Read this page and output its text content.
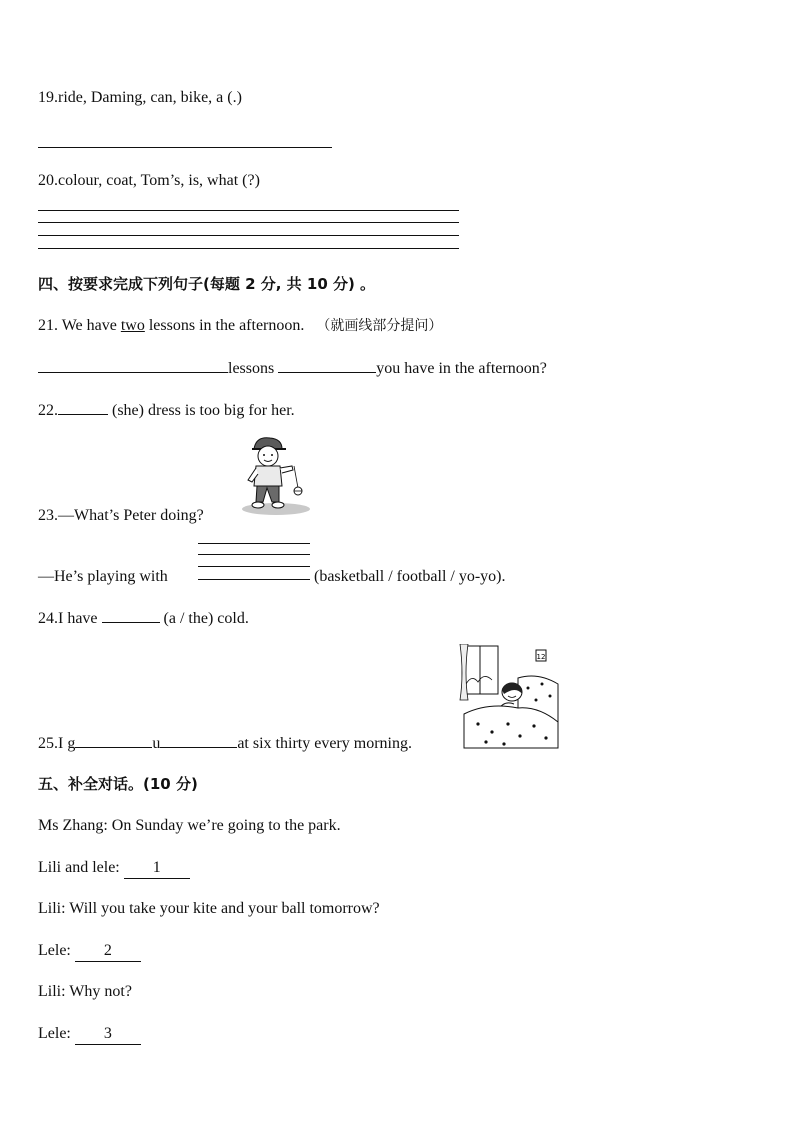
19.ride, Daming, can, bike, a (.)
20.colour, coat, Tom’s, is, what (?)
四、按要求完成下列句子(每题 2 分, 共 10 分) 。
21. We have two lessons in the afternoon. （就画线部分提问）
lessons	you have in the afternoon?
22.	(she) dress is too big for her.
23.—What’s Peter doing?
—He’s playing with	(basketball / football / yo-yo).
24.I have	(a / the) cold.
12
25.I g	u	at six thirty every morning.
五、补全对话。(10 分)
Ms Zhang: On Sunday we’re going to the park.
Lili and lele: 1
Lili: Will you take your kite and your ball tomorrow?
Lele: 2
Lili: Why not?
Lele: 3
